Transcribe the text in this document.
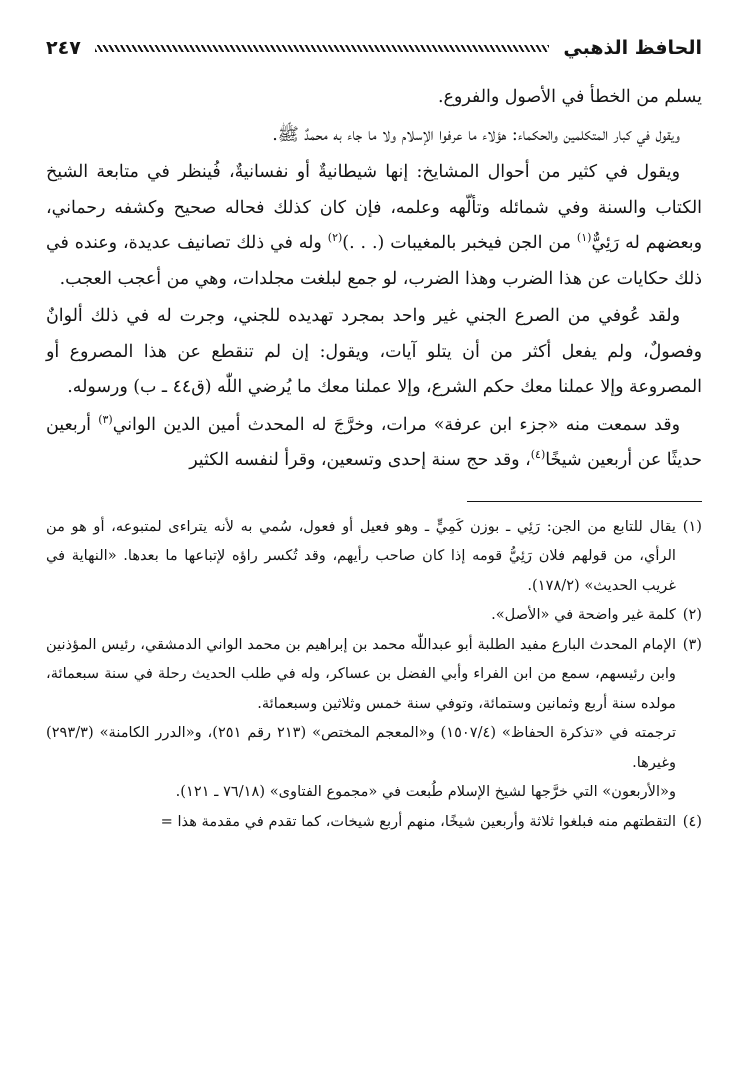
الحافظ الذهبي
٢٤٧

يسلم من الخطأ في الأصول والفروع.

ويقول في كبار المتكلمين والحكماء: هؤلاء ما عرفوا الإسلام ولا ما جاء به محمدٌ ﷺ.

ويقول في كثير من أحوال المشايخ: إنها شيطانيةٌ أو نفسانيةٌ، فُينظر في متابعة الشيخ الكتاب والسنة وفي شمائله وتألّهه وعلمه، فإن كان كذلك فحاله صحيح وكشفه رحماني، وبعضهم له رَئِيٌّ$^{(١)}$ من الجن فيخبر بالمغيبات (. . .)$^{(٢)}$ وله في ذلك تصانيف عديدة، وعنده في ذلك حكايات عن هذا الضرب وهذا الضرب، لو جمع لبلغت مجلدات، وهي من أعجب العجب.

ولقد عُوفي من الصرع الجني غير واحد بمجرد تهديده للجني، وجرت له في ذلك ألوانٌ وفصولٌ، ولم يفعل أكثر من أن يتلو آيات، ويقول: إن لم تنقطع عن هذا المصروع أو المصروعة وإلا عملنا معك حكم الشرع، وإلا عملنا معك ما يُرضي اللّٰه (ق٤٤ ـ ب) ورسوله.

وقد سمعت منه «جزء ابن عرفة» مرات، وخرَّجَ له المحدث أمين الدين الواني$^{(٣)}$ أربعين حديثًا عن أربعين شيخًا$^{(٤)}$، وقد حج سنة إحدى وتسعين، وقرأ لنفسه الكثير

(١)
يقال للتابع من الجن: رَئِي ـ بوزن كَمِيٍّ ـ وهو فعيل أو فعول، سُمي به لأنه يتراءى لمتبوعه، أو هو من الرأي، من قولهم فلان رَئِيُّ قومه إذا كان صاحب رأيهم، وقد تُكسر راؤه لإتباعها ما بعدها. «النهاية في غريب الحديث» (١٧٨/٢).
(٢)
كلمة غير واضحة في «الأصل».
(٣)
الإمام المحدث البارع مفيد الطلبة أبو عبداللّٰه محمد بن إبراهيم بن محمد الواني الدمشقي، رئيس المؤذنين وابن رئيسهم، سمع من ابن الفراء وأبي الفضل بن عساكر، وله في طلب الحديث رحلة في سنة سبعمائة، مولده سنة أربع وثمانين وستمائة، وتوفي سنة خمس وثلاثين وسبعمائة.
ترجمته في «تذكرة الحفاظ» (١٥٠٧/٤) و«المعجم المختص» (٢١٣ رقم ٢٥١)، و«الدرر الكامنة» (٢٩٣/٣) وغيرها.
و«الأربعون» التي خرَّجها لشيخ الإسلام طُبعت في «مجموع الفتاوى» (٧٦/١٨ ـ ١٢١).
(٤)
التقطتهم منه فبلغوا ثلاثة وأربعين شيخًا، منهم أربع شيخات، كما تقدم في مقدمة هذا =
